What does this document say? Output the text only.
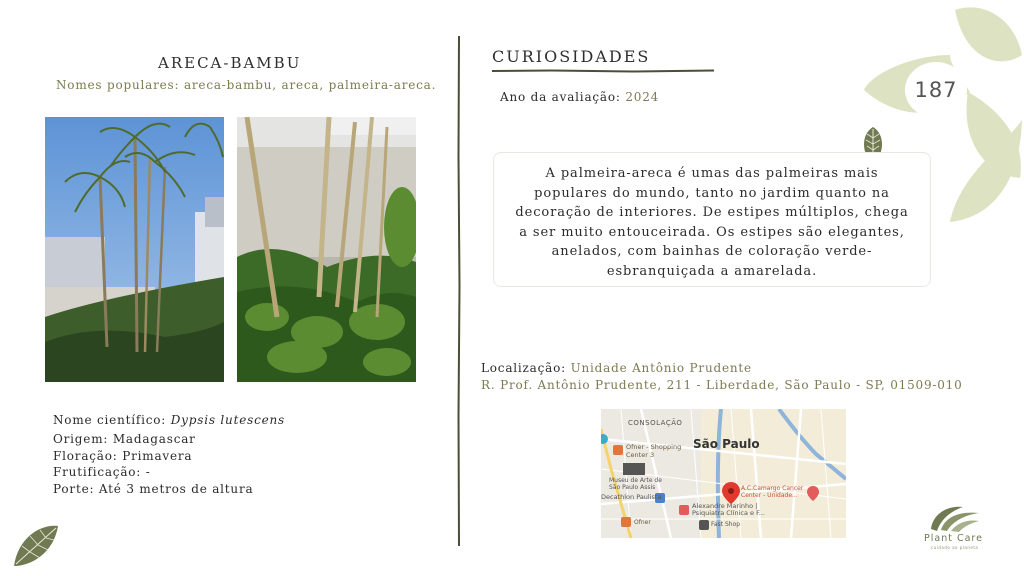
187
ARECA-BAMBU
Nomes populares: areca-bambu, areca, palmeira-areca.
Nome científico: Dypsis lutescens
Origem: Madagascar
Floração: Primavera
Frutificação: -
Porte: Até 3 metros de altura
CURIOSIDADES
Ano da avaliação: 2024
A palmeira-areca é umas das palmeiras mais populares do mundo, tanto no jardim quanto na decoração de interiores. De estipes múltiplos, chega a ser muito entouceirada. Os estipes são elegantes, anelados, com bainhas de coloração verde-esbranquiçada a amarelada.
Localização: Unidade Antônio Prudente
R. Prof. Antônio Prudente, 211 - Liberdade, São Paulo - SP, 01509-010
CONSOLAÇÃO
São Paulo
Ofner - Shopping
Center 3
Museu de Arte de
São Paulo Assis
Decathlon Paulista
Alexandre Marinho |
Psiquiatra Clínica e F...
A.C.Camargo Cancer
Center - Unidade...
Ofner	Fast Shop
Plant Care
cuidado ao planeta
